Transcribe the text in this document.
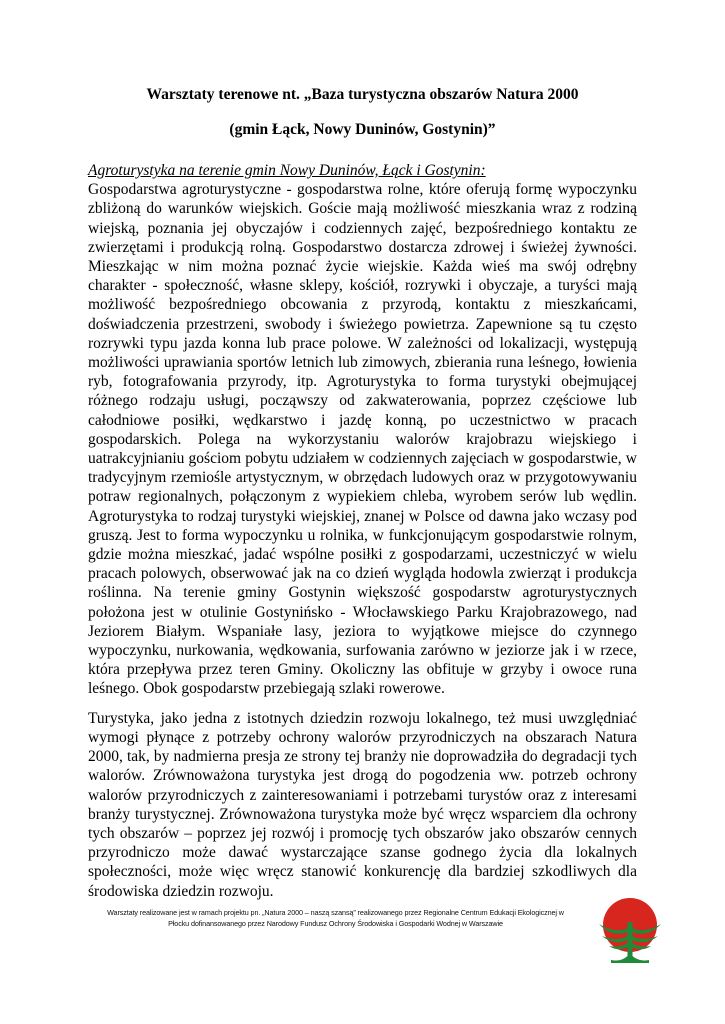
Warsztaty terenowe nt. „Baza turystyczna obszarów Natura 2000
(gmin Łąck, Nowy Duninów, Gostynin)”
Agroturystyka na terenie gmin Nowy Duninów, Łąck i Gostynin:

Gospodarstwa agroturystyczne - gospodarstwa rolne, które oferują formę wypoczynku zbliżoną do warunków wiejskich. Goście mają możliwość mieszkania wraz z rodziną wiejską, poznania jej obyczajów i codziennych zajęć, bezpośredniego kontaktu ze zwierzętami i produkcją rolną. Gospodarstwo dostarcza zdrowej i świeżej żywności. Mieszkając w nim można poznać życie wiejskie. Każda wieś ma swój odrębny charakter - społeczność, własne sklepy, kościół, rozrywki i obyczaje, a turyści mają możliwość bezpośredniego obcowania z przyrodą, kontaktu z mieszkańcami, doświadczenia przestrzeni, swobody i świeżego powietrza. Zapewnione są tu często rozrywki typu jazda konna lub prace polowe. W zależności od lokalizacji, występują możliwości uprawiania sportów letnich lub zimowych, zbierania runa leśnego, łowienia ryb, fotografowania przyrody, itp. Agroturystyka to forma turystyki obejmującej różnego rodzaju usługi, począwszy od zakwaterowania, poprzez częściowe lub całodniowe posiłki, wędkarstwo i jazdę konną, po uczestnictwo w pracach gospodarskich. Polega na wykorzystaniu walorów krajobrazu wiejskiego i uatrakcyjnianiu gościom pobytu udziałem w codziennych zajęciach w gospodarstwie, w tradycyjnym rzemiośle artystycznym, w obrzędach ludowych oraz w przygotowywaniu potraw regionalnych, połączonym z wypiekiem chleba, wyrobem serów lub wędlin. Agroturystyka to rodzaj turystyki wiejskiej, znanej w Polsce od dawna jako wczasy pod gruszą. Jest to forma wypoczynku u rolnika, w funkcjonującym gospodarstwie rolnym, gdzie można mieszkać, jadać wspólne posiłki z gospodarzami, uczestniczyć w wielu pracach polowych, obserwować jak na co dzień wygląda hodowla zwierząt i produkcja roślinna. Na terenie gminy Gostynin większość gospodarstw agroturystycznych położona jest w otulinie Gostynińsko - Włocławskiego Parku Krajobrazowego, nad Jeziorem Białym. Wspaniałe lasy, jeziora to wyjątkowe miejsce do czynnego wypoczynku, nurkowania, wędkowania, surfowania zarówno w jeziorze jak i w rzece, która przepływa przez teren Gminy. Okoliczny las obfituje w grzyby i owoce runa leśnego. Obok gospodarstw przebiegają szlaki rowerowe.

Turystyka, jako jedna z istotnych dziedzin rozwoju lokalnego, też musi uwzględniać wymogi płynące z potrzeby ochrony walorów przyrodniczych na obszarach Natura 2000, tak, by nadmierna presja ze strony tej branży nie doprowadziła do degradacji tych walorów. Zrównoważona turystyka jest drogą do pogodzenia ww. potrzeb ochrony walorów przyrodniczych z zainteresowaniami i potrzebami turystów oraz z interesami branży turystycznej. Zrównoważona turystyka może być wręcz wsparciem dla ochrony tych obszarów – poprzez jej rozwój i promocję tych obszarów jako obszarów cennych przyrodniczo może dawać wystarczające szanse godnego życia dla lokalnych społeczności, może więc wręcz stanowić konkurencję dla bardziej szkodliwych dla środowiska dziedzin rozwoju.

Warsztaty realizowane jest w ramach projektu pn. „Natura 2000 – naszą szansą” realizowanego przez Regionalne Centrum Edukacji Ekologicznej w
Płocku dofinansowanego przez Narodowy Fundusz Ochrony Środowiska i Gospodarki Wodnej w Warszawie
